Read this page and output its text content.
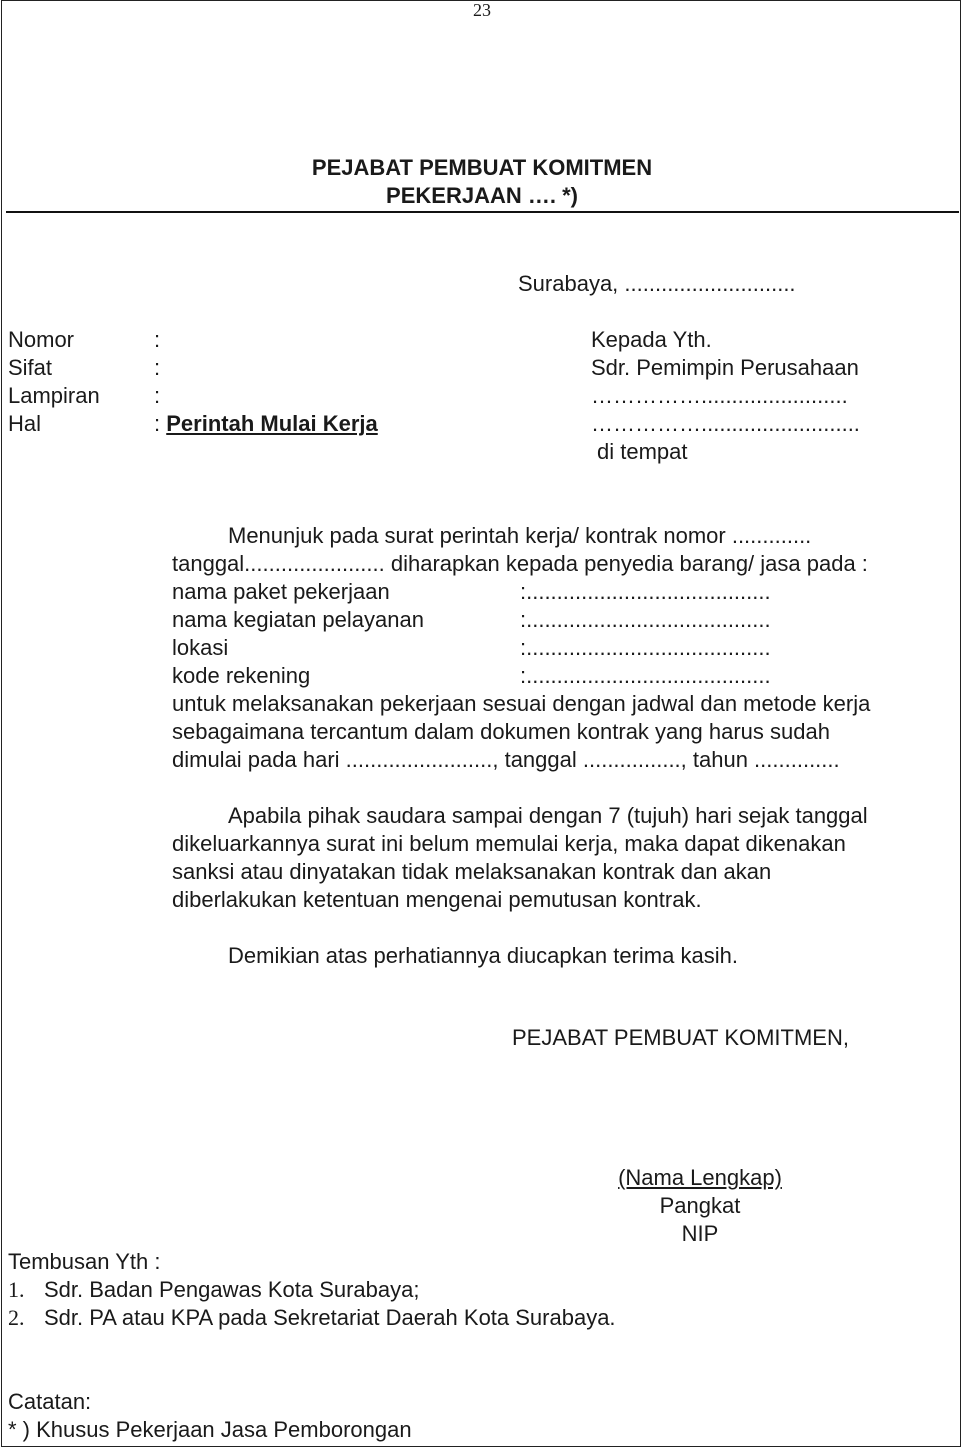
23
PEJABAT PEMBUAT KOMITMEN
PEKERJAAN …. *)
Surabaya, ............................
Nomor	:
Sifat	:
Lampiran :
Hal	: Perintah Mulai Kerja
Kepada Yth.
Sdr. Pemimpin Perusahaan
……………........................
……………..........................
di tempat
Menunjuk pada surat perintah kerja/ kontrak nomor .............
tanggal....................... diharapkan kepada penyedia barang/ jasa pada :
nama paket pekerjaan	:........................................
nama kegiatan pelayanan	:........................................
lokasi	:........................................
kode rekening	:........................................
untuk melaksanakan pekerjaan sesuai dengan jadwal dan metode kerja
sebagaimana tercantum dalam dokumen kontrak yang harus sudah
dimulai pada hari ........................, tanggal ................, tahun ..............
Apabila pihak saudara sampai dengan 7 (tujuh) hari sejak tanggal
dikeluarkannya surat ini belum memulai kerja, maka dapat dikenakan
sanksi atau dinyatakan tidak melaksanakan kontrak dan akan
diberlakukan ketentuan mengenai pemutusan kontrak.
Demikian atas perhatiannya diucapkan terima kasih.
PEJABAT PEMBUAT KOMITMEN,
(Nama Lengkap)
Pangkat
NIP
Tembusan Yth :
1. Sdr. Badan Pengawas Kota Surabaya;
2. Sdr. PA atau KPA pada Sekretariat Daerah Kota Surabaya.
Catatan:
* ) Khusus Pekerjaan Jasa Pemborongan
